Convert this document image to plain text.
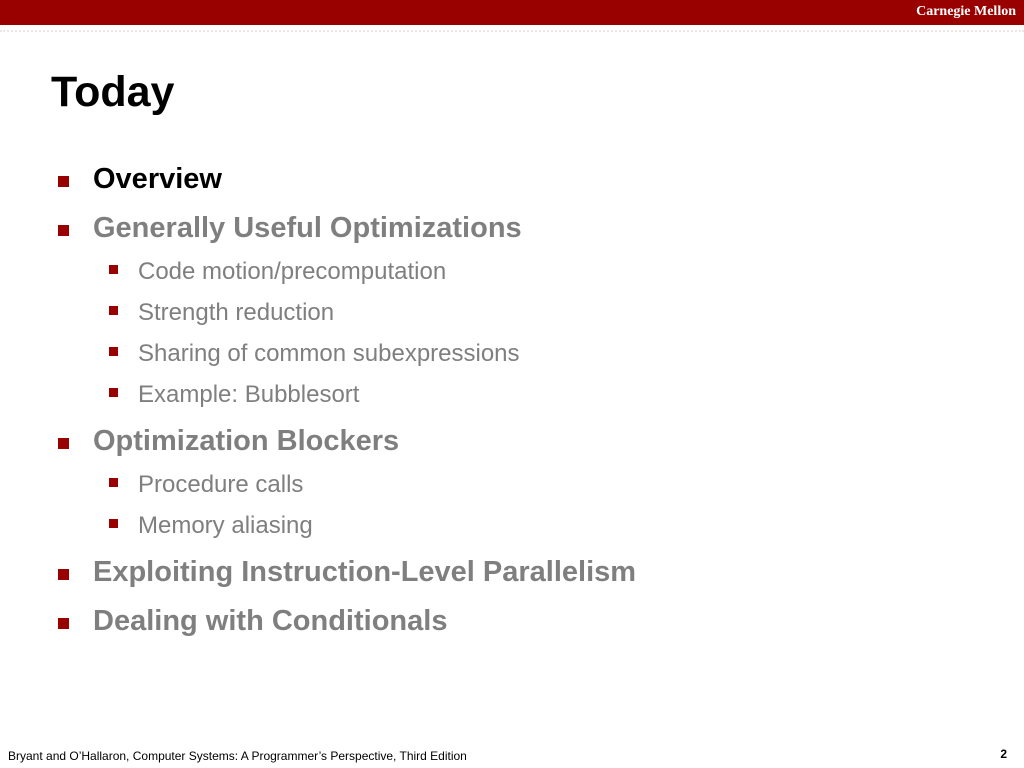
Carnegie Mellon
Today
Overview
Generally Useful Optimizations
Code motion/precomputation
Strength reduction
Sharing of common subexpressions
Example: Bubblesort
Optimization Blockers
Procedure calls
Memory aliasing
Exploiting Instruction-Level Parallelism
Dealing with Conditionals
Bryant and O’Hallaron, Computer Systems: A Programmer’s Perspective, Third Edition	2
